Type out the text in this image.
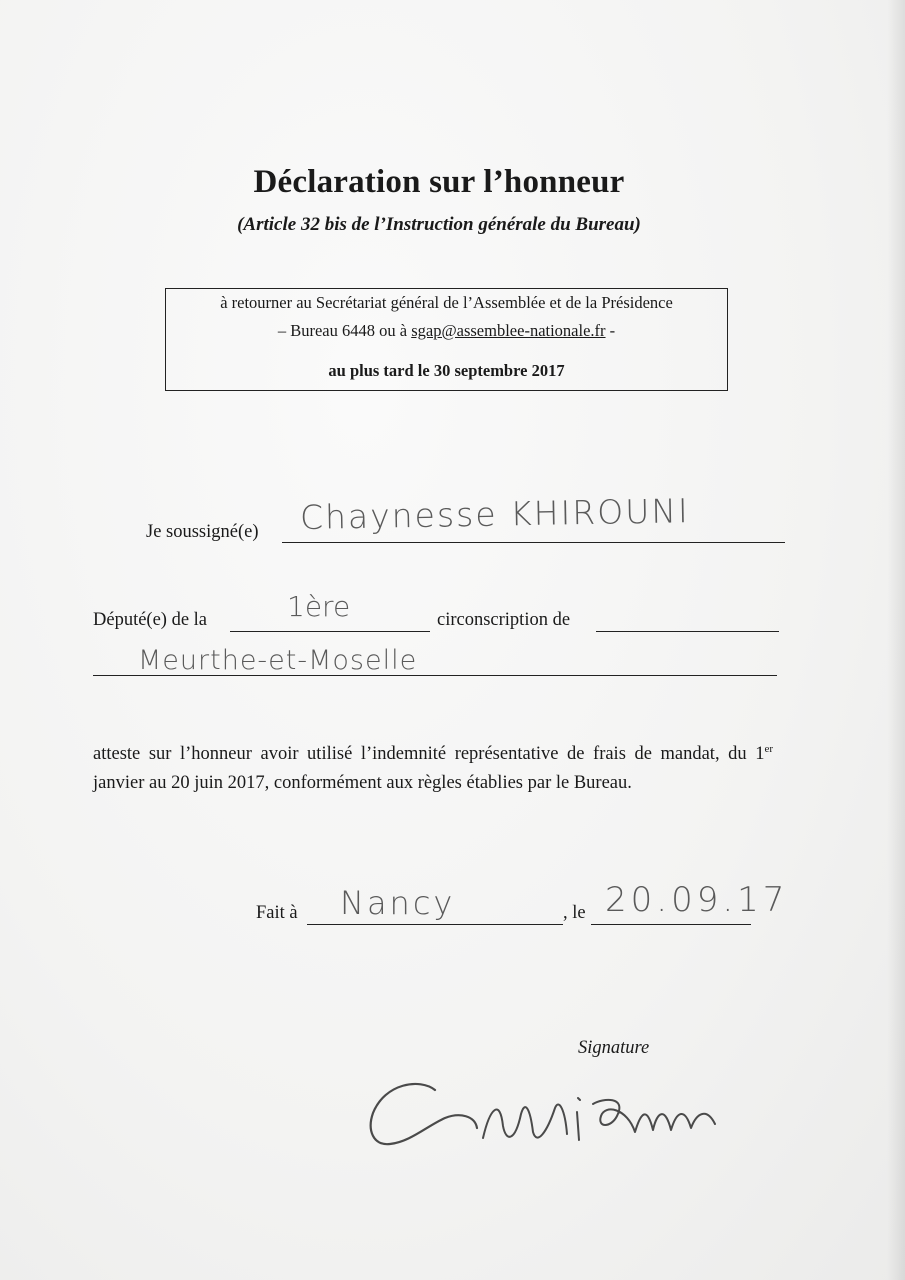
Déclaration sur l’honneur
(Article 32 bis de l’Instruction générale du Bureau)
à retourner au Secrétariat général de l’Assemblée et de la Présidence
– Bureau 6448 ou à sgap@assemblee-nationale.fr -
au plus tard le 30 septembre 2017
Je soussigné(e) Chaynesse KHIROUNI
Député(e) de la	1ère	circonscription de
Meurthe-et-Moselle
atteste sur l’honneur avoir utilisé l’indemnité représentative de frais de mandat, du 1er janvier au 20 juin 2017, conformément aux règles établies par le Bureau.
Fait à Nancy	, le 20.09.17
Signature
